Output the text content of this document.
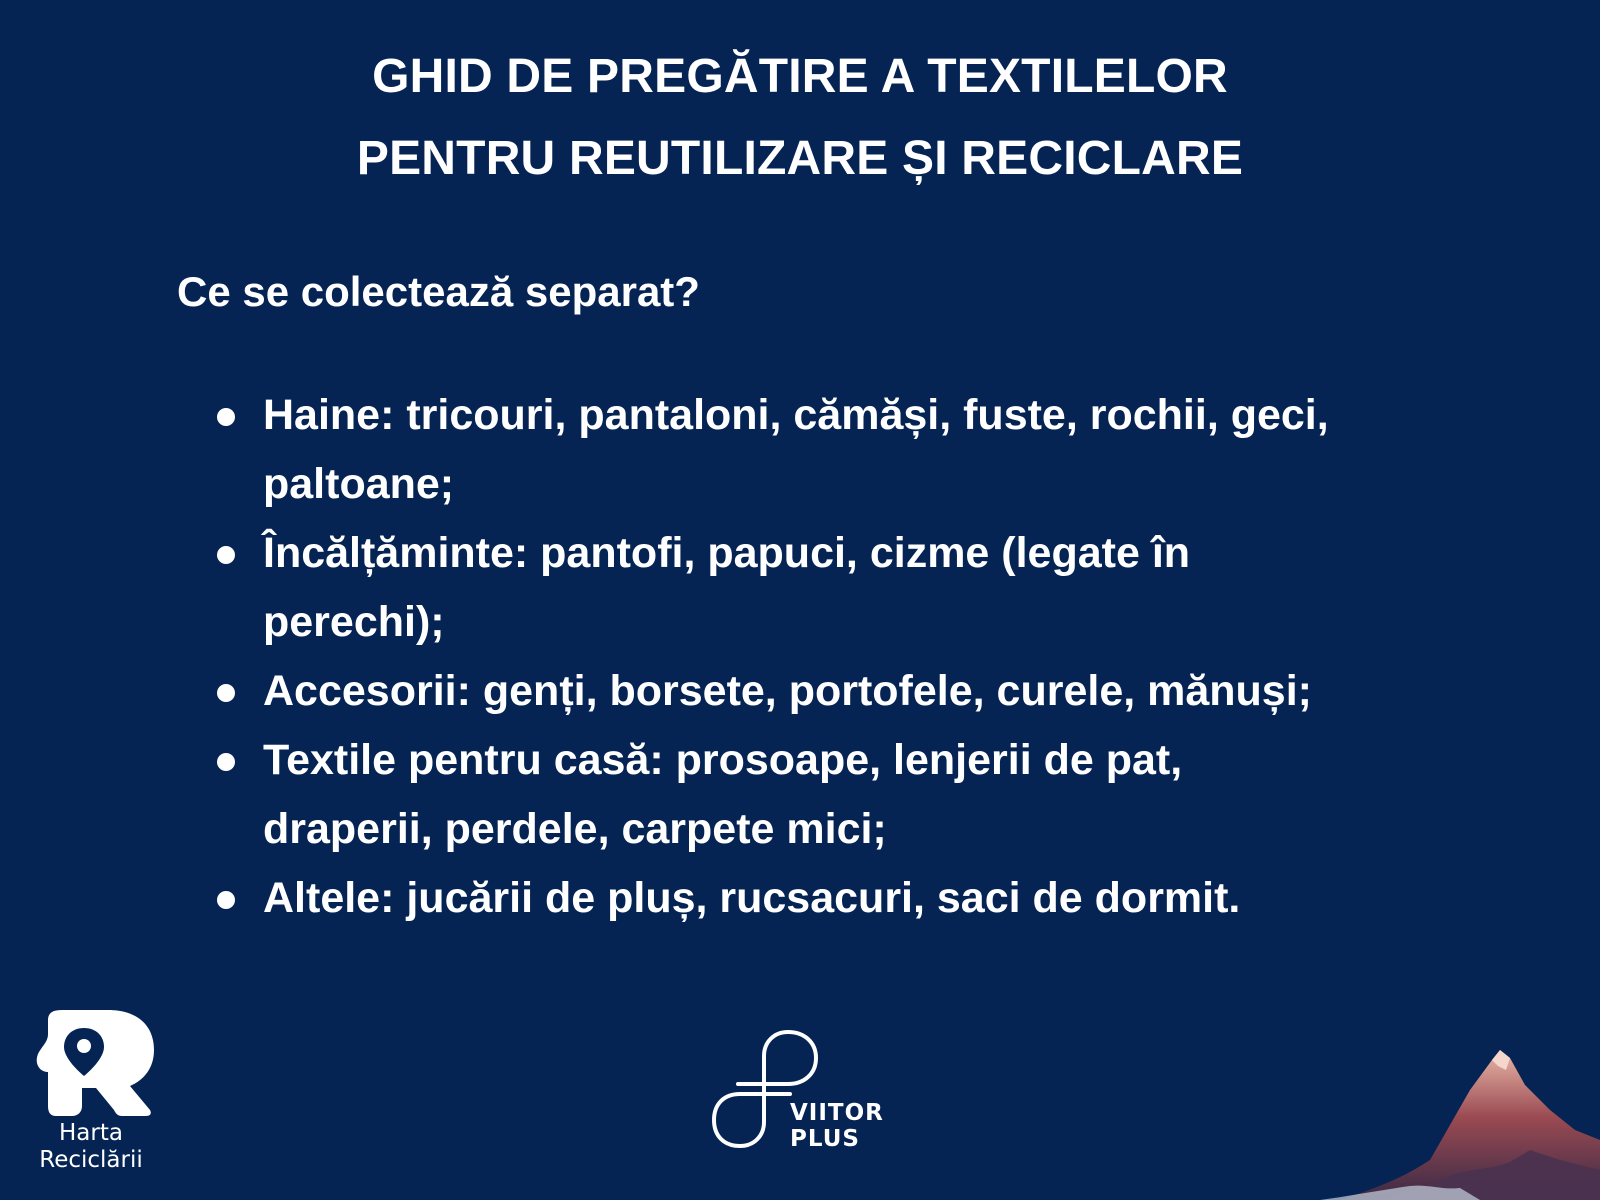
GHID DE PREGĂTIRE A TEXTILELOR
PENTRU REUTILIZARE ȘI RECICLARE
Ce se colectează separat?
Haine: tricouri, pantaloni, cămăși, fuste, rochii, geci,
paltoane;
Încălțăminte: pantofi, papuci, cizme (legate în
perechi);
Accesorii: genți, borsete, portofele, curele, mănuși;
Textile pentru casă: prosoape, lenjerii de pat,
draperii, perdele, carpete mici;
Altele: jucării de pluș, rucsacuri, saci de dormit.
Harta
Reciclării
VIITOR
PLUS
